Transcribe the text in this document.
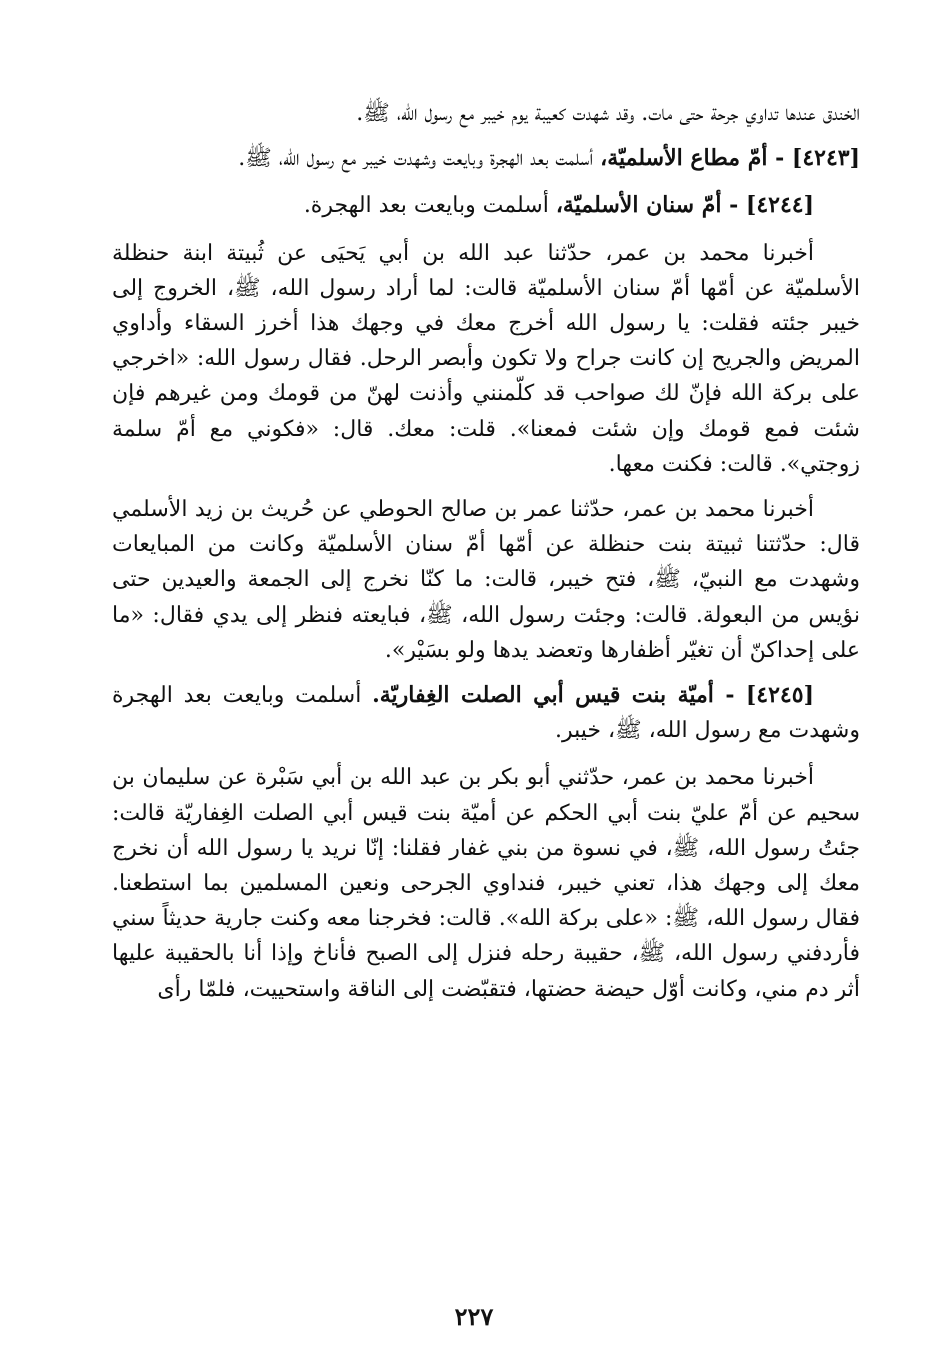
الخندق عندها تداوي جرحة حتى مات. وقد شهدت كعيبة يوم خيبر مع رسول الله، ﷺ.

[٤٢٤٣] - أمّ مطاع الأسلميّة، أسلمت بعد الهجرة وبايعت وشهدت خيبر مع رسول الله، ﷺ.

[٤٢٤٤] - أمّ سنان الأسلميّة، أسلمت وبايعت بعد الهجرة.

أخبرنا محمد بن عمر، حدّثنا عبد الله بن أبي يَحيَى عن ثُبيتة ابنة حنظلة الأسلميّة عن أمّها أمّ سنان الأسلميّة قالت: لما أراد رسول الله، ﷺ، الخروج إلى خيبر جئته فقلت: يا رسول الله أخرج معك في وجهك هذا أخرز السقاء وأداوي المريض والجريح إن كانت جراح ولا تكون وأبصر الرحل. فقال رسول الله: «اخرجي على بركة الله فإنّ لك صواحب قد كلّمنني وأذنت لهنّ من قومك ومن غيرهم فإن شئت فمع قومك وإن شئت فمعنا». قلت: معك. قال: «فكوني مع أمّ سلمة زوجتي». قالت: فكنت معها.

أخبرنا محمد بن عمر، حدّثنا عمر بن صالح الحوطي عن حُريث بن زيد الأسلمي قال: حدّثتنا ثبيتة بنت حنظلة عن أمّها أمّ سنان الأسلميّة وكانت من المبايعات وشهدت مع النبيّ، ﷺ، فتح خيبر، قالت: ما كنّا نخرج إلى الجمعة والعيدين حتى نؤيس من البعولة. قالت: وجئت رسول الله، ﷺ، فبايعته فنظر إلى يدي فقال: «ما على إحداكنّ أن تغيّر أظفارها وتعضد يدها ولو بسَيْر».

[٤٢٤٥] - أميّة بنت قيس أبي الصلت الغِفاريّة. أسلمت وبايعت بعد الهجرة وشهدت مع رسول الله، ﷺ، خيبر.

أخبرنا محمد بن عمر، حدّثني أبو بكر بن عبد الله بن أبي سَبْرة عن سليمان بن سحيم عن أمّ عليّ بنت أبي الحكم عن أميّة بنت قيس أبي الصلت الغِفاريّة قالت: جئتُ رسول الله، ﷺ، في نسوة من بني غفار فقلنا: إنّا نريد يا رسول الله أن نخرج معك إلى وجهك هذا، تعني خيبر، فنداوي الجرحى ونعين المسلمين بما استطعنا. فقال رسول الله، ﷺ: «على بركة الله». قالت: فخرجنا معه وكنت جارية حديثاً سني فأردفني رسول الله، ﷺ، حقيبة رحله فنزل إلى الصبح فأناخ وإذا أنا بالحقيبة عليها أثر دم مني، وكانت أوّل حيضة حضتها، فتقبّضت إلى الناقة واستحييت، فلمّا رأى

٢٢٧
